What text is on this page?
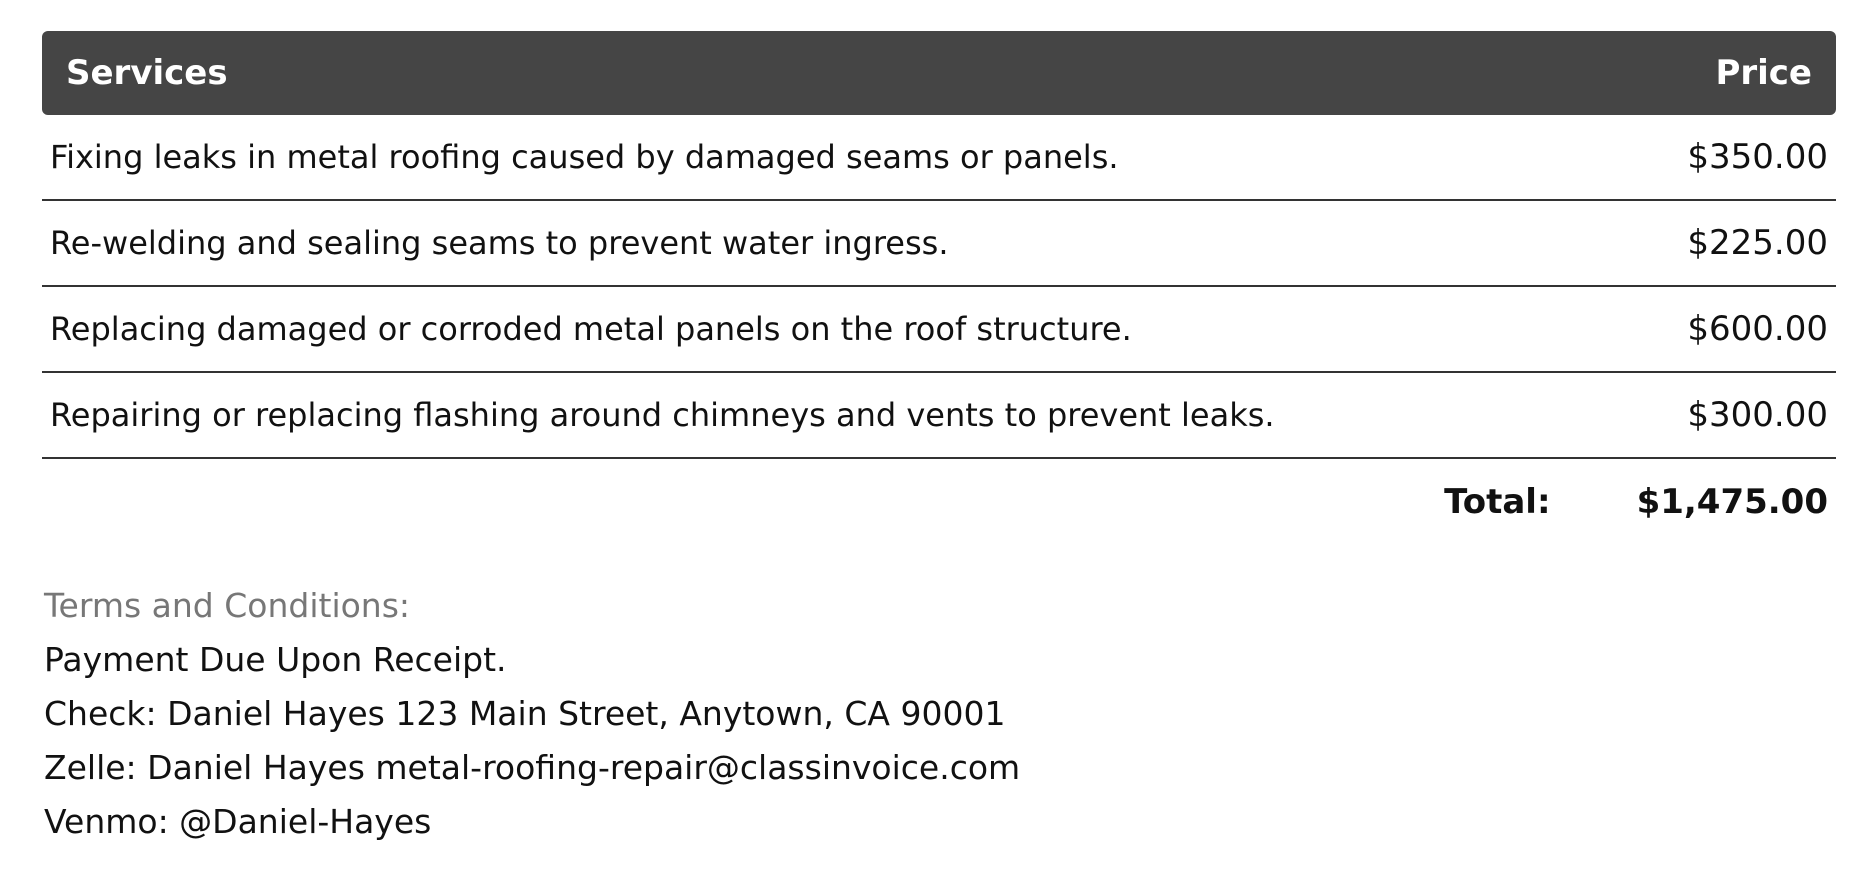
Services	Price
Fixing leaks in metal roofing caused by damaged seams or panels.	$350.00
Re-welding and sealing seams to prevent water ingress.	$225.00
Replacing damaged or corroded metal panels on the roof structure.	$600.00
Repairing or replacing flashing around chimneys and vents to prevent leaks.	$300.00
Total:	$1,475.00
Terms and Conditions:
Payment Due Upon Receipt.
Check: Daniel Hayes 123 Main Street, Anytown, CA 90001
Zelle: Daniel Hayes metal-roofing-repair@classinvoice.com
Venmo: @Daniel-Hayes
